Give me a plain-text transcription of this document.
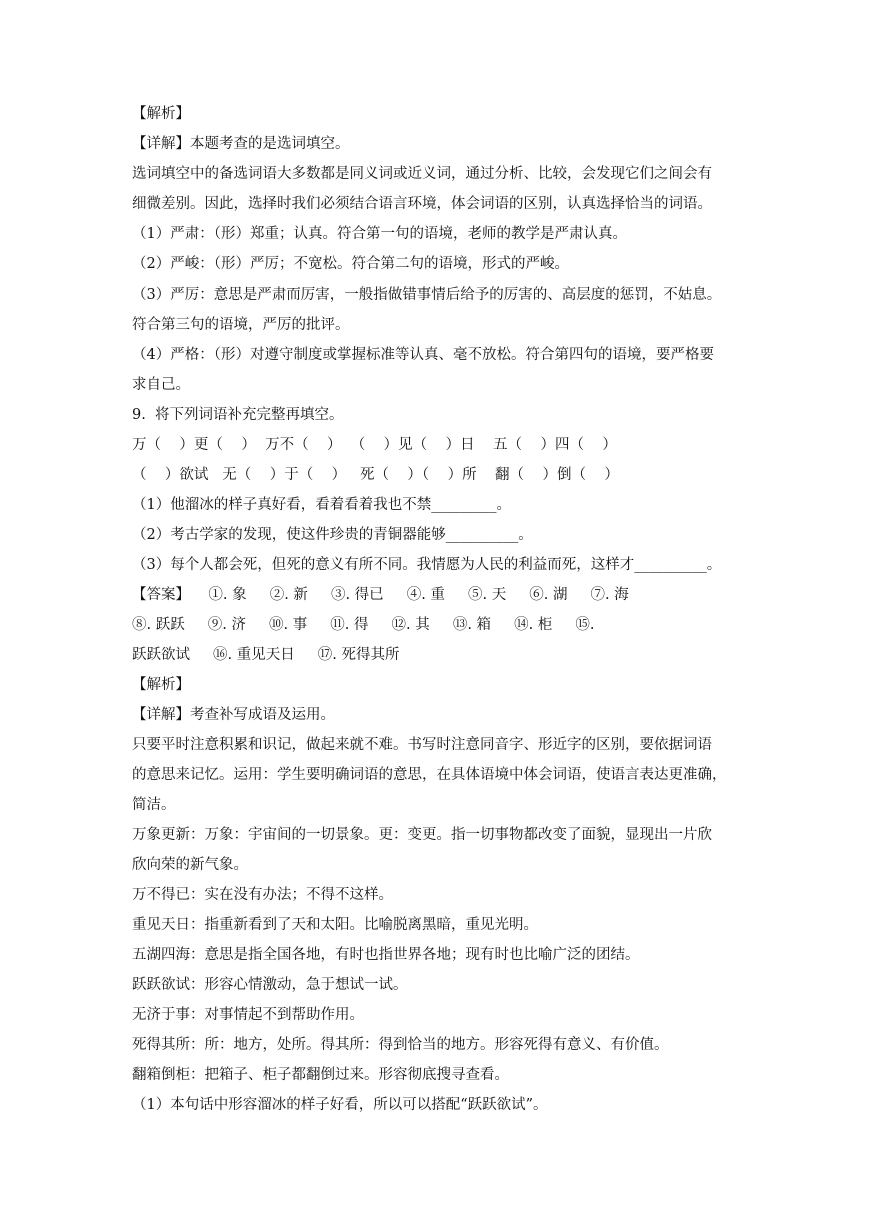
【解析】
【详解】本题考查的是选词填空。
选词填空中的备选词语大多数都是同义词或近义词，通过分析、比较，会发现它们之间会有
细微差别。因此，选择时我们必须结合语言环境，体会词语的区别，认真选择恰当的词语。
（1）严肃：（形）郑重；认真。符合第一句的语境，老师的教学是严肃认真。
（2）严峻：（形）严厉；不宽松。符合第二句的语境，形式的严峻。
（3）严厉：意思是严肃而厉害，一般指做错事情后给予的厉害的、高层度的惩罚，不姑息。
符合第三句的语境，严厉的批评。
（4）严格：（形）对遵守制度或掌握标准等认真、毫不放松。符合第四句的语境，要严格要
求自己。
9.  将下列词语补充完整再填空。
万（    ）更（    ）  万不（    ）  （    ）见（    ）日    五（    ）四（    ）
（    ）欲试   无（    ）于（    ）   死（    ）（    ）所    翻（    ）倒（    ）
（1）他溜冰的样子真好看，看着看着我也不禁_________。
（2）考古学家的发现，使这件珍贵的青铜器能够__________。
（3）每个人都会死，但死的意义有所不同。我情愿为人民的利益而死，这样才__________。
【答案】    ①. 象     ②. 新     ③. 得已     ④. 重     ⑤. 天     ⑥. 湖     ⑦. 海
⑧. 跃跃     ⑨. 济     ⑩. 事     ⑪. 得     ⑫. 其     ⑬. 箱     ⑭. 柜     ⑮.
跃跃欲试     ⑯. 重见天日     ⑰. 死得其所
【解析】
【详解】考查补写成语及运用。
只要平时注意积累和识记，做起来就不难。书写时注意同音字、形近字的区别，要依据词语
的意思来记忆。运用：学生要明确词语的意思，在具体语境中体会词语，使语言表达更准确，
简洁。
万象更新：万象：宇宙间的一切景象。更：变更。指一切事物都改变了面貌，显现出一片欣
欣向荣的新气象。
万不得已：实在没有办法；不得不这样。
重见天日：指重新看到了天和太阳。比喻脱离黑暗，重见光明。
五湖四海：意思是指全国各地，有时也指世界各地；现有时也比喻广泛的团结。
跃跃欲试：形容心情激动，急于想试一试。
无济于事：对事情起不到帮助作用。
死得其所：所：地方，处所。得其所：得到恰当的地方。形容死得有意义、有价值。
翻箱倒柜：把箱子、柜子都翻倒过来。形容彻底搜寻查看。
（1）本句话中形容溜冰的样子好看，所以可以搭配“跃跃欲试”。
